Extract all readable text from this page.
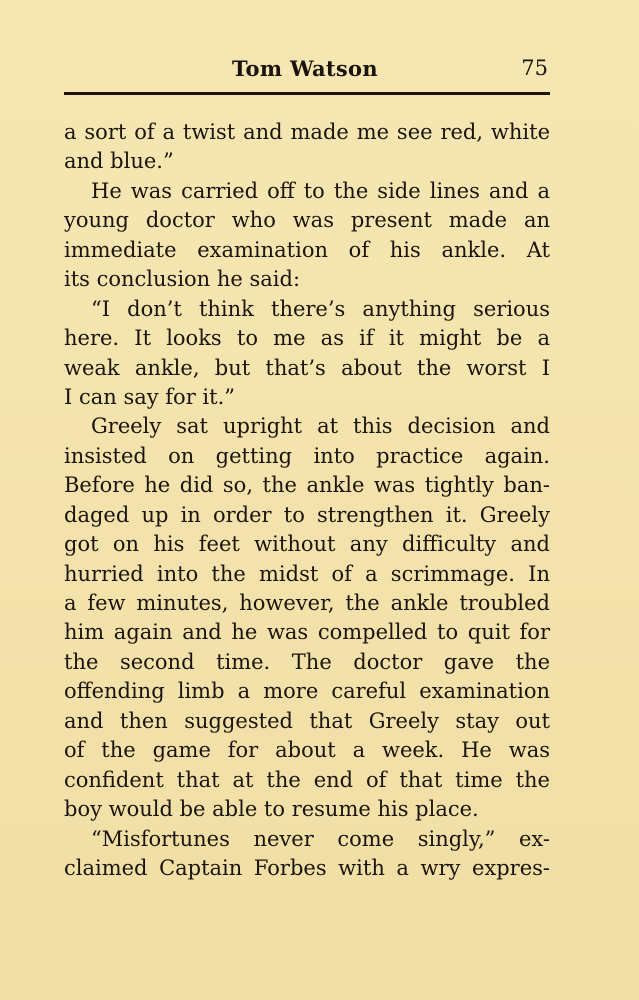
Tom Watson	75
a sort of a twist and made me see red, white
and blue.”
He was carried off to the side lines and a
young doctor who was present made an
immediate examination of his ankle. At
its conclusion he said:
“I don’t think there’s anything serious
here. It looks to me as if it might be a
weak ankle, but that’s about the worst I
I can say for it.”
Greely sat upright at this decision and
insisted on getting into practice again.
Before he did so, the ankle was tightly ban-
daged up in order to strengthen it. Greely
got on his feet without any difficulty and
hurried into the midst of a scrimmage. In
a few minutes, however, the ankle troubled
him again and he was compelled to quit for
the second time. The doctor gave the
offending limb a more careful examination
and then suggested that Greely stay out
of the game for about a week. He was
confident that at the end of that time the
boy would be able to resume his place.
“Misfortunes never come singly,” ex-
claimed Captain Forbes with a wry expres-
